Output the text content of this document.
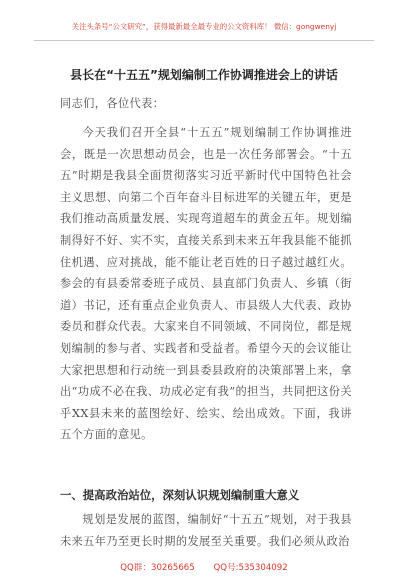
关注头条号“公文研究”，获得最新最全最专业的公文资料库！ 微信：gongwenyj
县长在“十五五”规划编制工作协调推进会上的讲话
同志们，各位代表：
今天我们召开全县“十五五”规划编制工作协调推进会，既是一次思想动员会，也是一次任务部署会。“十五五”时期是我县全面贯彻落实习近平新时代中国特色社会主义思想、向第二个百年奋斗目标进军的关键五年，更是我们推动高质量发展、实现弯道超车的黄金五年。规划编制得好不好、实不实，直接关系到未来五年我县能不能抓住机遇、应对挑战，能不能让老百姓的日子越过越红火。参会的有县委常委班子成员、县直部门负责人、乡镇（街道）书记，还有重点企业负责人、市县级人大代表、政协委员和群众代表。大家来自不同领域、不同岗位，都是规划编制的参与者、实践者和受益者。希望今天的会议能让大家把思想和行动统一到县委县政府的决策部署上来，拿出“功成不必在我、功成必定有我”的担当，共同把这份关乎XX县未来的蓝图绘好、绘实、绘出成效。下面，我讲五个方面的意见。
一、提高政治站位，深刻认识规划编制重大意义
规划是发展的蓝图，编制好“十五五”规划，对于我县未来五年乃至更长时期的发展至关重要。我们必须从政治
QQ群：30265665 QQ号:535304092
